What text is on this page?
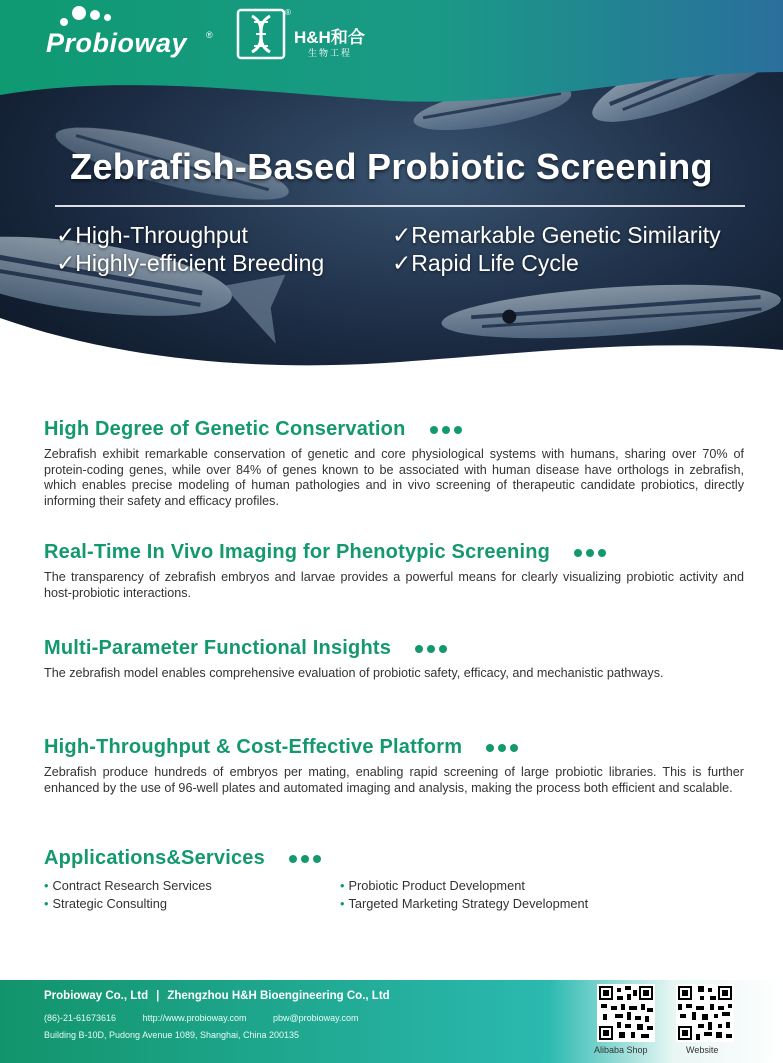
Probioway ®
®
H&H和合
生物工程
Zebrafish-Based Probiotic Screening
✓High-Throughput
✓Highly-efficient Breeding
✓Remarkable Genetic Similarity
✓Rapid Life Cycle
High Degree of Genetic Conservation

Zebrafish exhibit remarkable conservation of genetic and core physiological systems with humans, sharing over 70% of protein-coding genes, while over 84% of genes known to be associated with human disease have orthologs in zebrafish, which enables precise modeling of human pathologies and in vivo screening of therapeutic candidate probiotics, directly informing their safety and efficacy profiles.

Real-Time In Vivo Imaging for Phenotypic Screening

The transparency of zebrafish embryos and larvae provides a powerful means for clearly visualizing probiotic activity and host-probiotic interactions.

Multi-Parameter Functional Insights

The zebrafish model enables comprehensive evaluation of probiotic safety, efficacy, and mechanistic pathways.

High-Throughput & Cost-Effective Platform

Zebrafish produce hundreds of embryos per mating, enabling rapid screening of large probiotic libraries. This is further enhanced by the use of 96-well plates and automated imaging and analysis, making the process both efficient and scalable.

Applications&Services
• Contract Research Services
• Strategic Consulting
• Probiotic Product Development
• Targeted Marketing Strategy Development
Probioway Co., Ltd | Zhengzhou H&H Bioengineering Co., Ltd
(86)-21-61673616	http://www.probioway.com	pbw@probioway.com
Building B-10D, Pudong Avenue 1089, Shanghai, China 200135
Alibaba Shop	Website
